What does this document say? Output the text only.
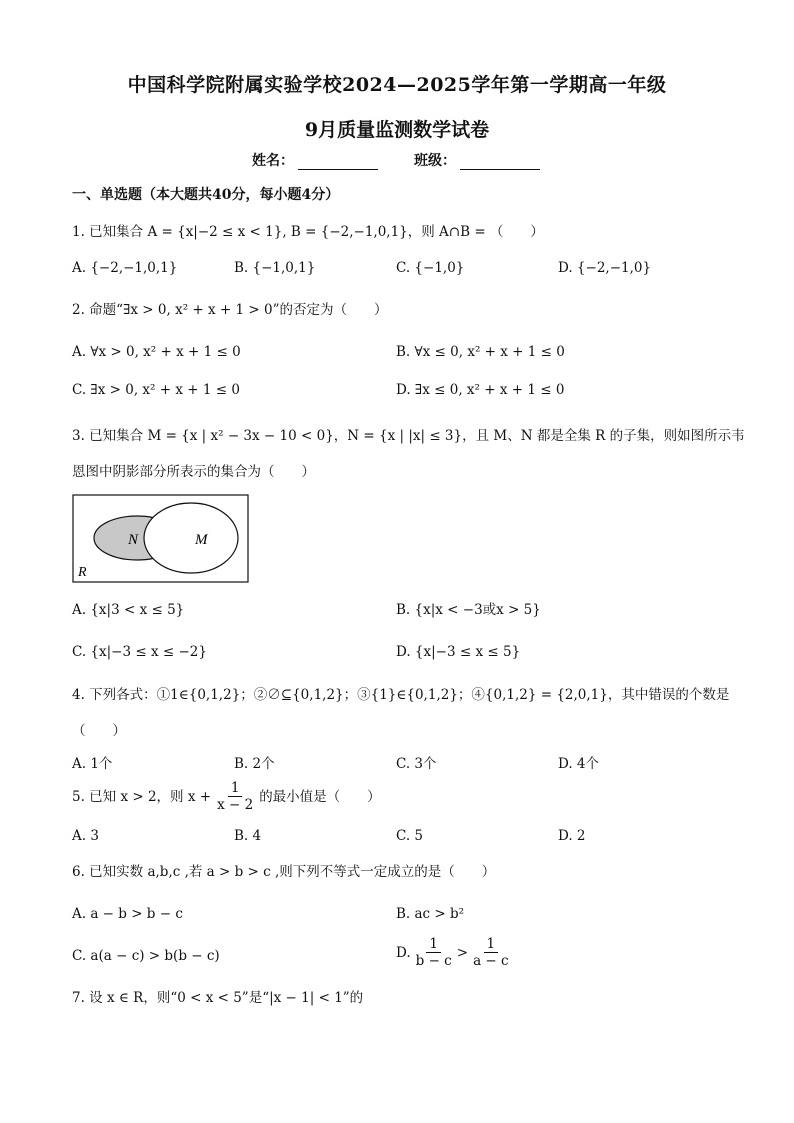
中国科学院附属实验学校2024—2025学年第一学期高一年级
9月质量监测数学试卷
姓名：	班级：
一、单选题（本大题共40分，每小题4分）
1. 已知集合 A = {x|−2 ≤ x < 1}, B = {−2,−1,0,1}，则 A∩B = （　　）
A. {−2,−1,0,1}	B. {−1,0,1}	C. {−1,0}	D. {−2,−1,0}
2. 命题“∃x > 0, x² + x + 1 > 0”的否定为（　　）
A. ∀x > 0, x² + x + 1 ≤ 0	B. ∀x ≤ 0, x² + x + 1 ≤ 0
C. ∃x > 0, x² + x + 1 ≤ 0	D. ∃x ≤ 0, x² + x + 1 ≤ 0
3. 已知集合 M = {x | x² − 3x − 10 < 0}，N = {x | |x| ≤ 3}，且 M、N 都是全集 R 的子集，则如图所示韦
恩图中阴影部分所表示的集合为（　　）
N	M
R
A. {x|3 < x ≤ 5}	B. {x|x < −3或x > 5}
C. {x|−3 ≤ x ≤ −2}	D. {x|−3 ≤ x ≤ 5}
4. 下列各式：①1∈{0,1,2}；②∅⊆{0,1,2}；③{1}∈{0,1,2}；④{0,1,2} = {2,0,1}，其中错误的个数是
（　　）
A. 1个	B. 2个	C. 3个	D. 4个
5. 已知 x > 2，则 $x + \frac{1}{x - 2}$ 的最小值是（　　）
A. 3	B. 4	C. 5	D. 2
6. 已知实数 a,b,c ,若 a > b > c ,则下列不等式一定成立的是（　　）
A. a − b > b − c	B. ac > b²
C. a(a − c) > b(b − c)	D. $\frac{1}{b - c} > \frac{1}{a - c}$
7. 设 x ∈ R，则“0 < x < 5”是“|x − 1| < 1”的
